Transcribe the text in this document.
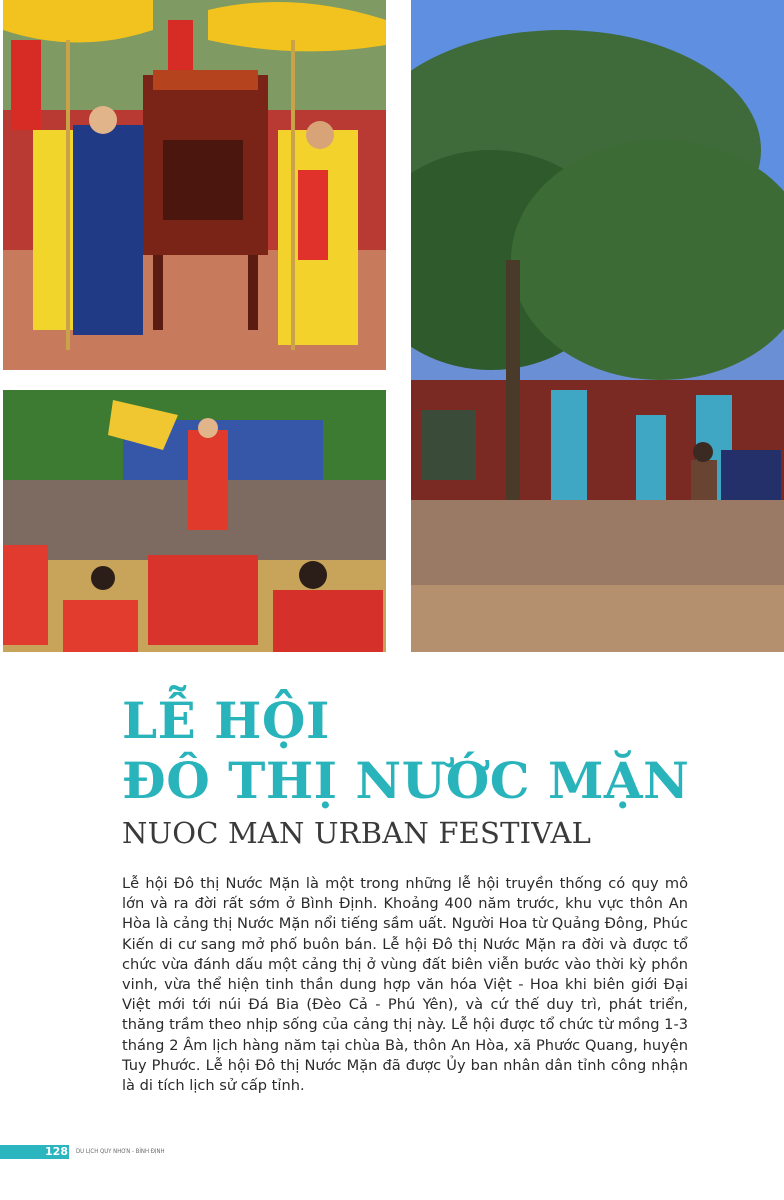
LỄ HỘI
ĐÔ THỊ NƯỚC MẶN
NUOC MAN URBAN FESTIVAL

Lễ hội Đô thị Nước Mặn là một trong những lễ hội truyền thống có quy mô lớn và ra đời rất sớm ở Bình Định. Khoảng 400 năm trước, khu vực thôn An Hòa là cảng thị Nước Mặn nổi tiếng sầm uất. Người Hoa từ Quảng Đông, Phúc Kiến di cư sang mở phố buôn bán. Lễ hội Đô thị Nước Mặn ra đời và được tổ chức vừa đánh dấu một cảng thị ở vùng đất biên viễn bước vào thời kỳ phồn vinh, vừa thể hiện tinh thần dung hợp văn hóa Việt - Hoa khi biên giới Đại Việt mới tới núi Đá Bia (Đèo Cả - Phú Yên), và cứ thế duy trì, phát triển, thăng trầm theo nhịp sống của cảng thị này. Lễ hội được tổ chức từ mồng 1-3 tháng 2 Âm lịch hàng năm tại chùa Bà, thôn An Hòa, xã Phước Quang, huyện Tuy Phước. Lễ hội Đô thị Nước Mặn đã được Ủy ban nhân dân tỉnh công nhận là di tích lịch sử cấp tỉnh.

128 DU LỊCH QUY NHƠN - BÌNH ĐỊNH
